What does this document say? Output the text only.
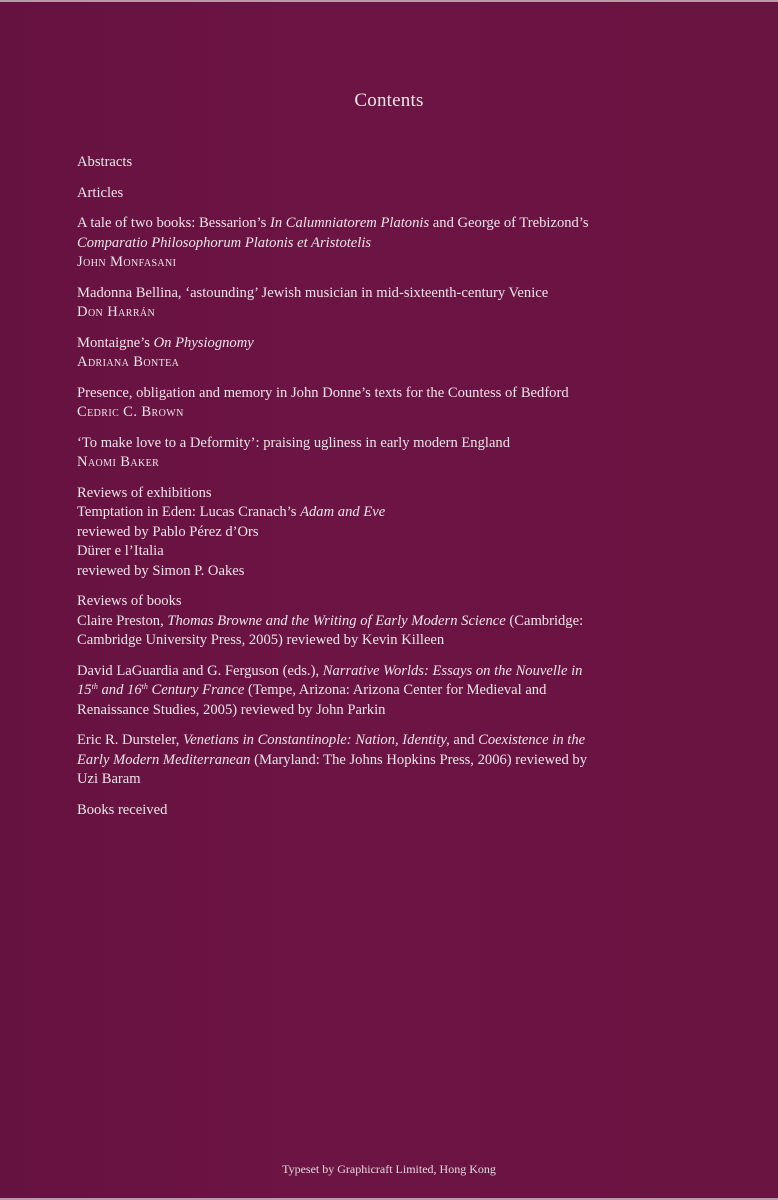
Contents
Abstracts
Articles
A tale of two books: Bessarion’s In Calumniatorem Platonis and George of Trebizond’s
Comparatio Philosophorum Platonis et Aristotelis
John Monfasani
Madonna Bellina, ‘astounding’ Jewish musician in mid-sixteenth-century Venice
Don Harrán
Montaigne’s On Physiognomy
Adriana Bontea
Presence, obligation and memory in John Donne’s texts for the Countess of Bedford
Cedric C. Brown
‘To make love to a Deformity’: praising ugliness in early modern England
Naomi Baker
Reviews of exhibitions
Temptation in Eden: Lucas Cranach’s Adam and Eve
reviewed by Pablo Pérez d’Ors
Dürer e l’Italia
reviewed by Simon P. Oakes
Reviews of books
Claire Preston, Thomas Browne and the Writing of Early Modern Science (Cambridge:
Cambridge University Press, 2005) reviewed by Kevin Killeen
David LaGuardia and G. Ferguson (eds.), Narrative Worlds: Essays on the Nouvelle in
15th and 16th Century France (Tempe, Arizona: Arizona Center for Medieval and
Renaissance Studies, 2005) reviewed by John Parkin
Eric R. Dursteler, Venetians in Constantinople: Nation, Identity, and Coexistence in the
Early Modern Mediterranean (Maryland: The Johns Hopkins Press, 2006) reviewed by
Uzi Baram
Books received
Typeset by Graphicraft Limited, Hong Kong
